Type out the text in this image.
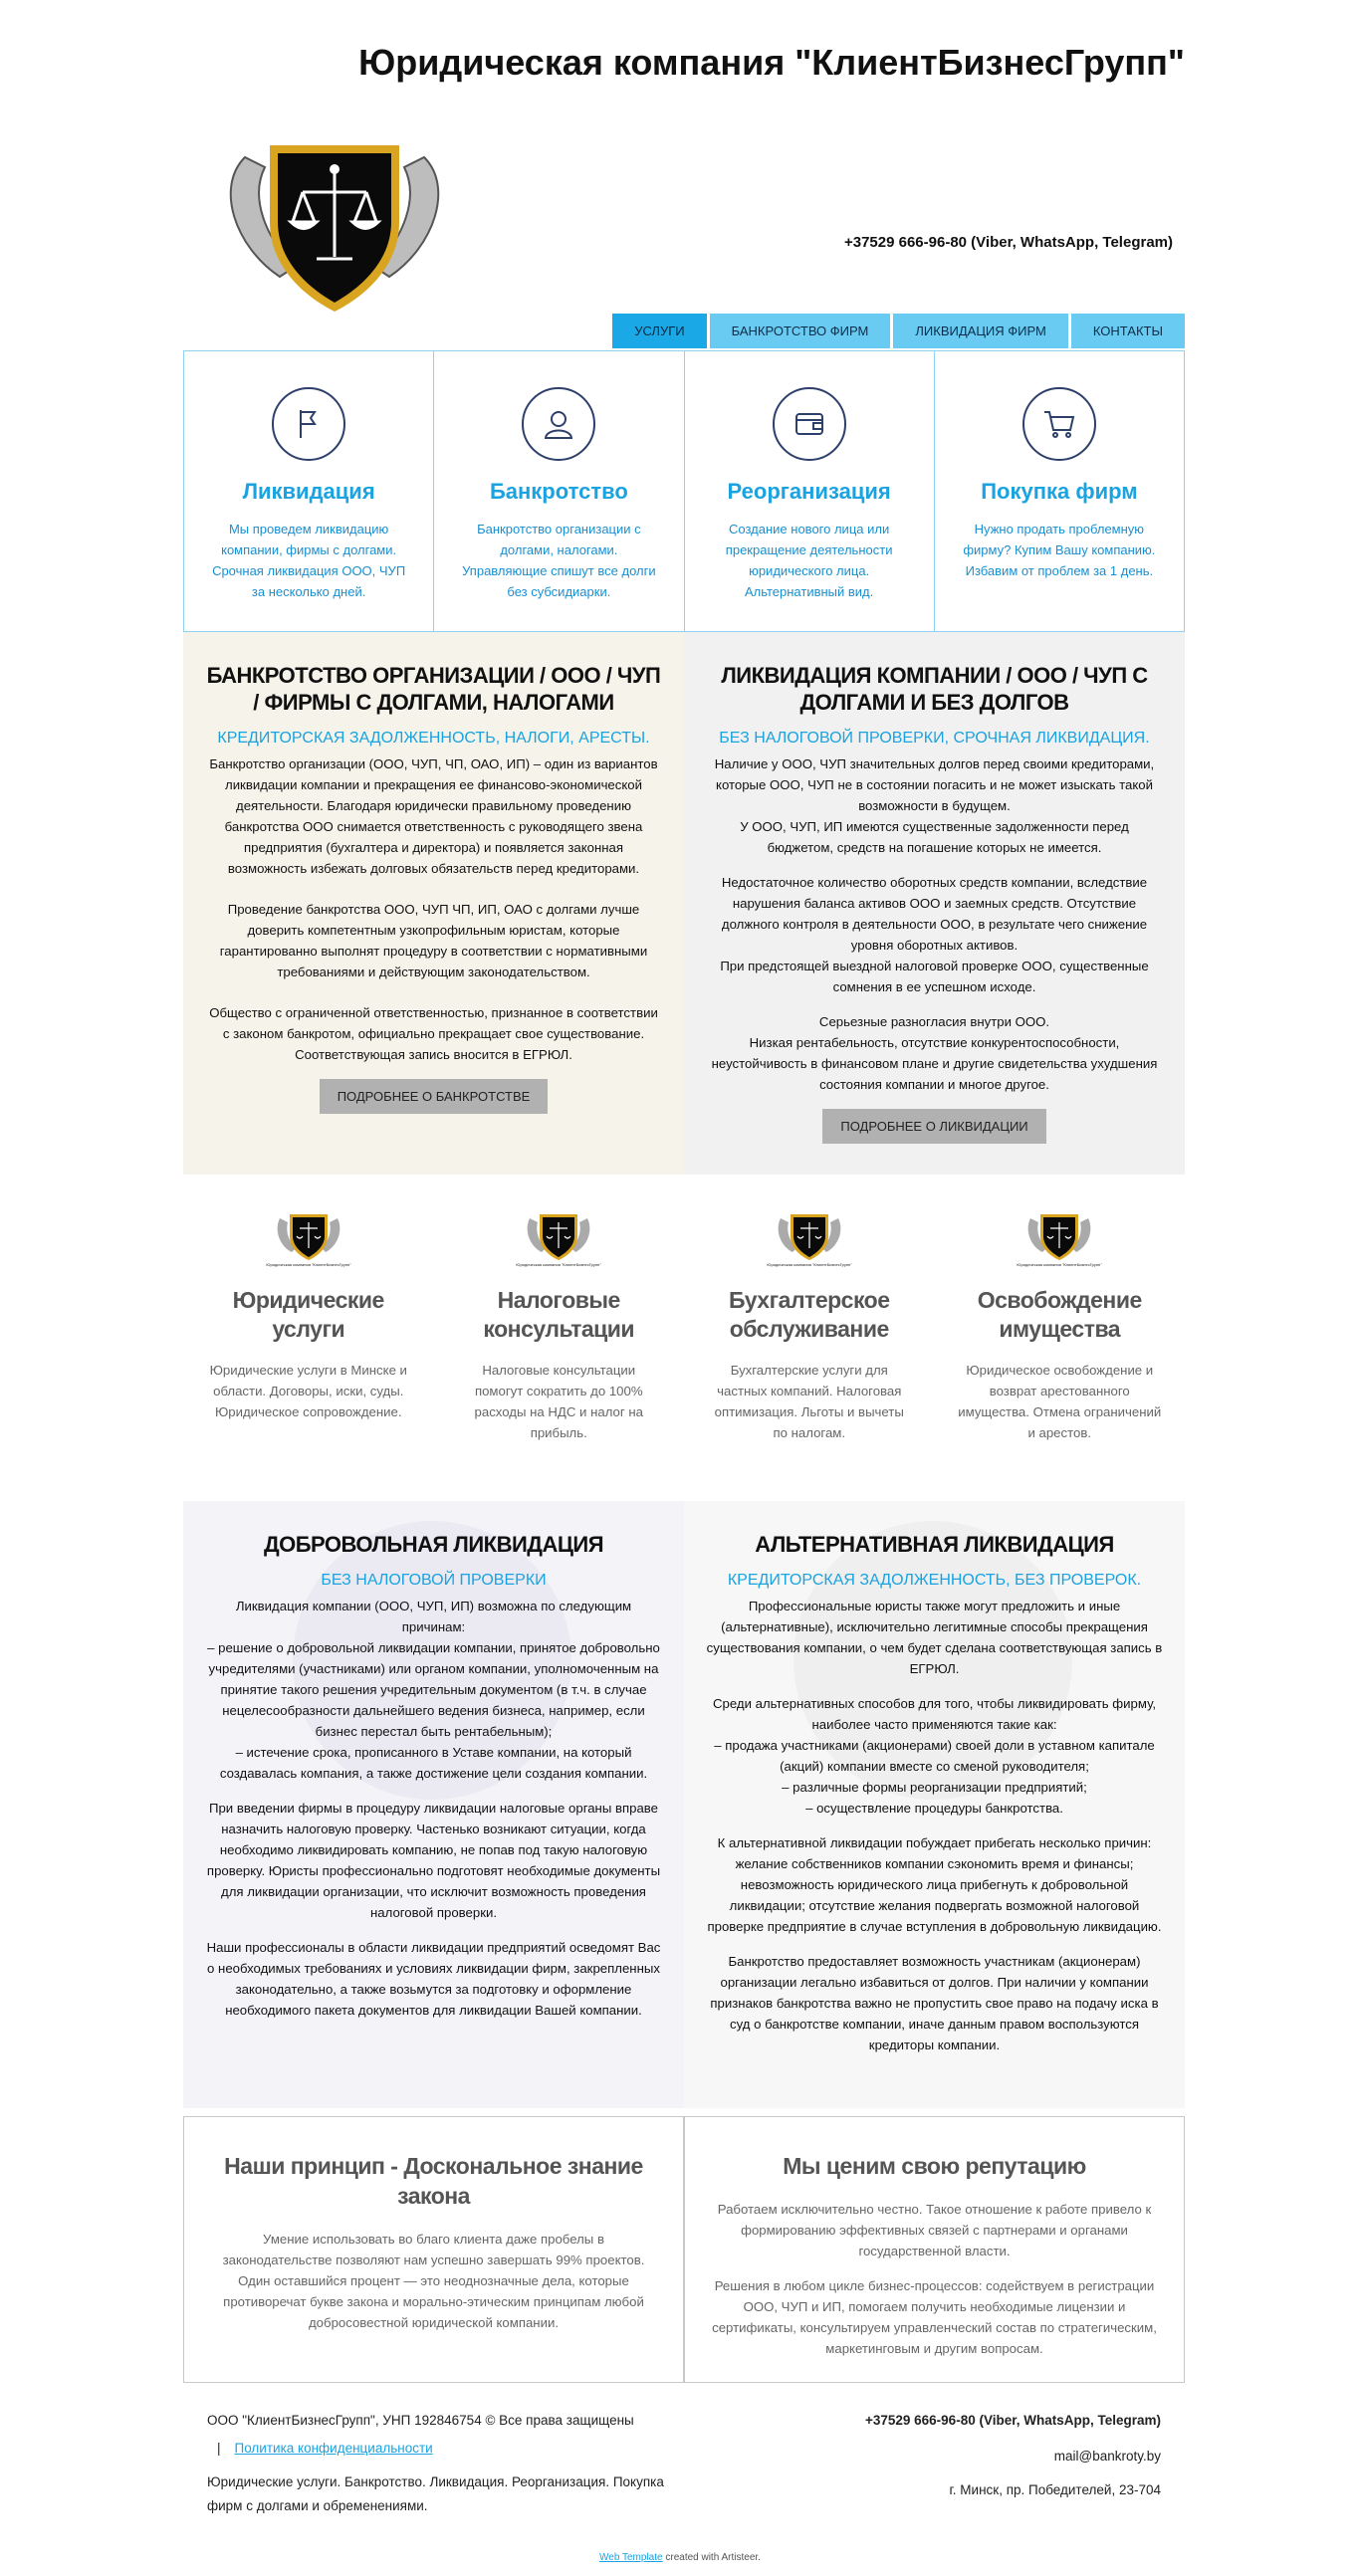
Юридическая компания "КлиентБизнесГрупп"
+37529 666-96-80 (Viber, WhatsApp, Telegram)
УСЛУГИ	БАНКРОТСТВО ФИРМ	ЛИКВИДАЦИЯ ФИРМ	КОНТАКТЫ
Ликвидация

Мы проведем ликвидацию компании, фирмы с долгами. Срочная ликвидация ООО, ЧУП за несколько дней.

Банкротство

Банкротство организации с долгами, налогами. Управляющие спишут все долги без субсидиарки.

Реорганизация

Создание нового лица или прекращение деятельности юридического лица. Альтернативный вид.

Покупка фирм

Нужно продать проблемную фирму? Купим Вашу компанию. Избавим от проблем за 1 день.

БАНКРОТСТВО ОРГАНИЗАЦИИ / ООО / ЧУП / ФИРМЫ С ДОЛГАМИ, НАЛОГАМИ
КРЕДИТОРСКАЯ ЗАДОЛЖЕННОСТЬ, НАЛОГИ, АРЕСТЫ.

Банкротство организации (ООО, ЧУП, ЧП, ОАО, ИП) – один из вариантов ликвидации компании и прекращения ее финансово-экономической деятельности. Благодаря юридически правильному проведению банкротства ООО снимается ответственность с руководящего звена предприятия (бухгалтера и директора) и появляется законная возможность избежать долговых обязательств перед кредиторами.

Проведение банкротства ООО, ЧУП ЧП, ИП, ОАО с долгами лучше доверить компетентным узкопрофильным юристам, которые гарантированно выполнят процедуру в соответствии с нормативными требованиями и действующим законодательством.

Общество с ограниченной ответственностью, признанное в соответствии с законом банкротом, официально прекращает свое существование. Соответствующая запись вносится в ЕГРЮЛ.

ПОДРОБНЕЕ О БАНКРОТСТВЕ
ЛИКВИДАЦИЯ КОМПАНИИ / ООО / ЧУП С ДОЛГАМИ И БЕЗ ДОЛГОВ
БЕЗ НАЛОГОВОЙ ПРОВЕРКИ, СРОЧНАЯ ЛИКВИДАЦИЯ.

Наличие у ООО, ЧУП значительных долгов перед своими кредиторами, которые ООО, ЧУП не в состоянии погасить и не может изыскать такой возможности в будущем.

У ООО, ЧУП, ИП имеются существенные задолженности перед бюджетом, средств на погашение которых не имеется.

Недостаточное количество оборотных средств компании, вследствие нарушения баланса активов ООО и заемных средств. Отсутствие должного контроля в деятельности ООО, в результате чего снижение уровня оборотных активов.

При предстоящей выездной налоговой проверке ООО, существенные сомнения в ее успешном исходе.

Серьезные разногласия внутри ООО.

Низкая рентабельность, отсутствие конкурентоспособности, неустойчивость в финансовом плане и другие свидетельства ухудшения состояния компании и многое другое.

ПОДРОБНЕЕ О ЛИКВИДАЦИИ
Юридическая компания "КлиентБизнесГрупп"
Юридические услуги

Юридические услуги в Минске и области. Договоры, иски, суды. Юридическое сопровождение.

Юридическая компания "КлиентБизнесГрупп"
Налоговые консультации

Налоговые консультации помогут сократить до 100% расходы на НДС и налог на прибыль.

Юридическая компания "КлиентБизнесГрупп"
Бухгалтерское обслуживание

Бухгалтерские услуги для частных компаний. Налоговая оптимизация. Льготы и вычеты по налогам.

Юридическая компания "КлиентБизнесГрупп"
Освобождение имущества

Юридическое освобождение и возврат арестованного имущества. Отмена ограничений и арестов.

ДОБРОВОЛЬНАЯ ЛИКВИДАЦИЯ
БЕЗ НАЛОГОВОЙ ПРОВЕРКИ

Ликвидация компании (ООО, ЧУП, ИП) возможна по следующим причинам:

– решение о добровольной ликвидации компании, принятое добровольно учредителями (участниками) или органом компании, уполномоченным на принятие такого решения учредительным документом (в т.ч. в случае нецелесообразности дальнейшего ведения бизнеса, например, если бизнес перестал быть рентабельным);

– истечение срока, прописанного в Уставе компании, на который создавалась компания, а также достижение цели создания компании.

При введении фирмы в процедуру ликвидации налоговые органы вправе назначить налоговую проверку. Частенько возникают ситуации, когда необходимо ликвидировать компанию, не попав под такую налоговую проверку. Юристы профессионально подготовят необходимые документы для ликвидации организации, что исключит возможность проведения налоговой проверки.

Наши профессионалы в области ликвидации предприятий осведомят Вас о необходимых требованиях и условиях ликвидации фирм, закрепленных законодательно, а также возьмутся за подготовку и оформление необходимого пакета документов для ликвидации Вашей компании.

АЛЬТЕРНАТИВНАЯ ЛИКВИДАЦИЯ
КРЕДИТОРСКАЯ ЗАДОЛЖЕННОСТЬ, БЕЗ ПРОВЕРОК.

Профессиональные юристы также могут предложить и иные (альтернативные), исключительно легитимные способы прекращения существования компании, о чем будет сделана соответствующая запись в ЕГРЮЛ.

Среди альтернативных способов для того, чтобы ликвидировать фирму, наиболее часто применяются такие как:

– продажа участниками (акционерами) своей доли в уставном капитале (акций) компании вместе со сменой руководителя;

– различные формы реорганизации предприятий;

– осуществление процедуры банкротства.

К альтернативной ликвидации побуждает прибегать несколько причин: желание собственников компании сэкономить время и финансы; невозможность юридического лица прибегнуть к добровольной ликвидации; отсутствие желания подвергать возможной налоговой проверке предприятие в случае вступления в добровольную ликвидацию.

Банкротство предоставляет возможность участникам (акционерам) организации легально избавиться от долгов. При наличии у компании признаков банкротства важно не пропустить свое право на подачу иска в суд о банкротстве компании, иначе данным правом воспользуются кредиторы компании.

Наши принцип - Доскональное знание закона

Умение использовать во благо клиента даже пробелы в законодательстве позволяют нам успешно завершать 99% проектов. Один оставшийся процент — это неоднозначные дела, которые противоречат букве закона и морально-этическим принципам любой добросовестной юридической компании.

Мы ценим свою репутацию

Работаем исключительно честно. Такое отношение к работе привело к формированию эффективных связей с партнерами и органами государственной власти.

Решения в любом цикле бизнес-процессов: содействуем в регистрации ООО, ЧУП и ИП, помогаем получить необходимые лицензии и сертификаты, консультируем управленческий состав по стратегическим, маркетинговым и другим вопросам.

ООО "КлиентБизнесГрупп", УНП 192846754 © Все права защищены
| Политика конфиденциальности
Юридические услуги. Банкротство. Ликвидация. Реорганизация. Покупка фирм с долгами и обременениями.
+37529 666-96-80 (Viber, WhatsApp, Telegram)
mail@bankroty.by
г. Минск, пр. Победителей, 23-704
Web Template created with Artisteer.
